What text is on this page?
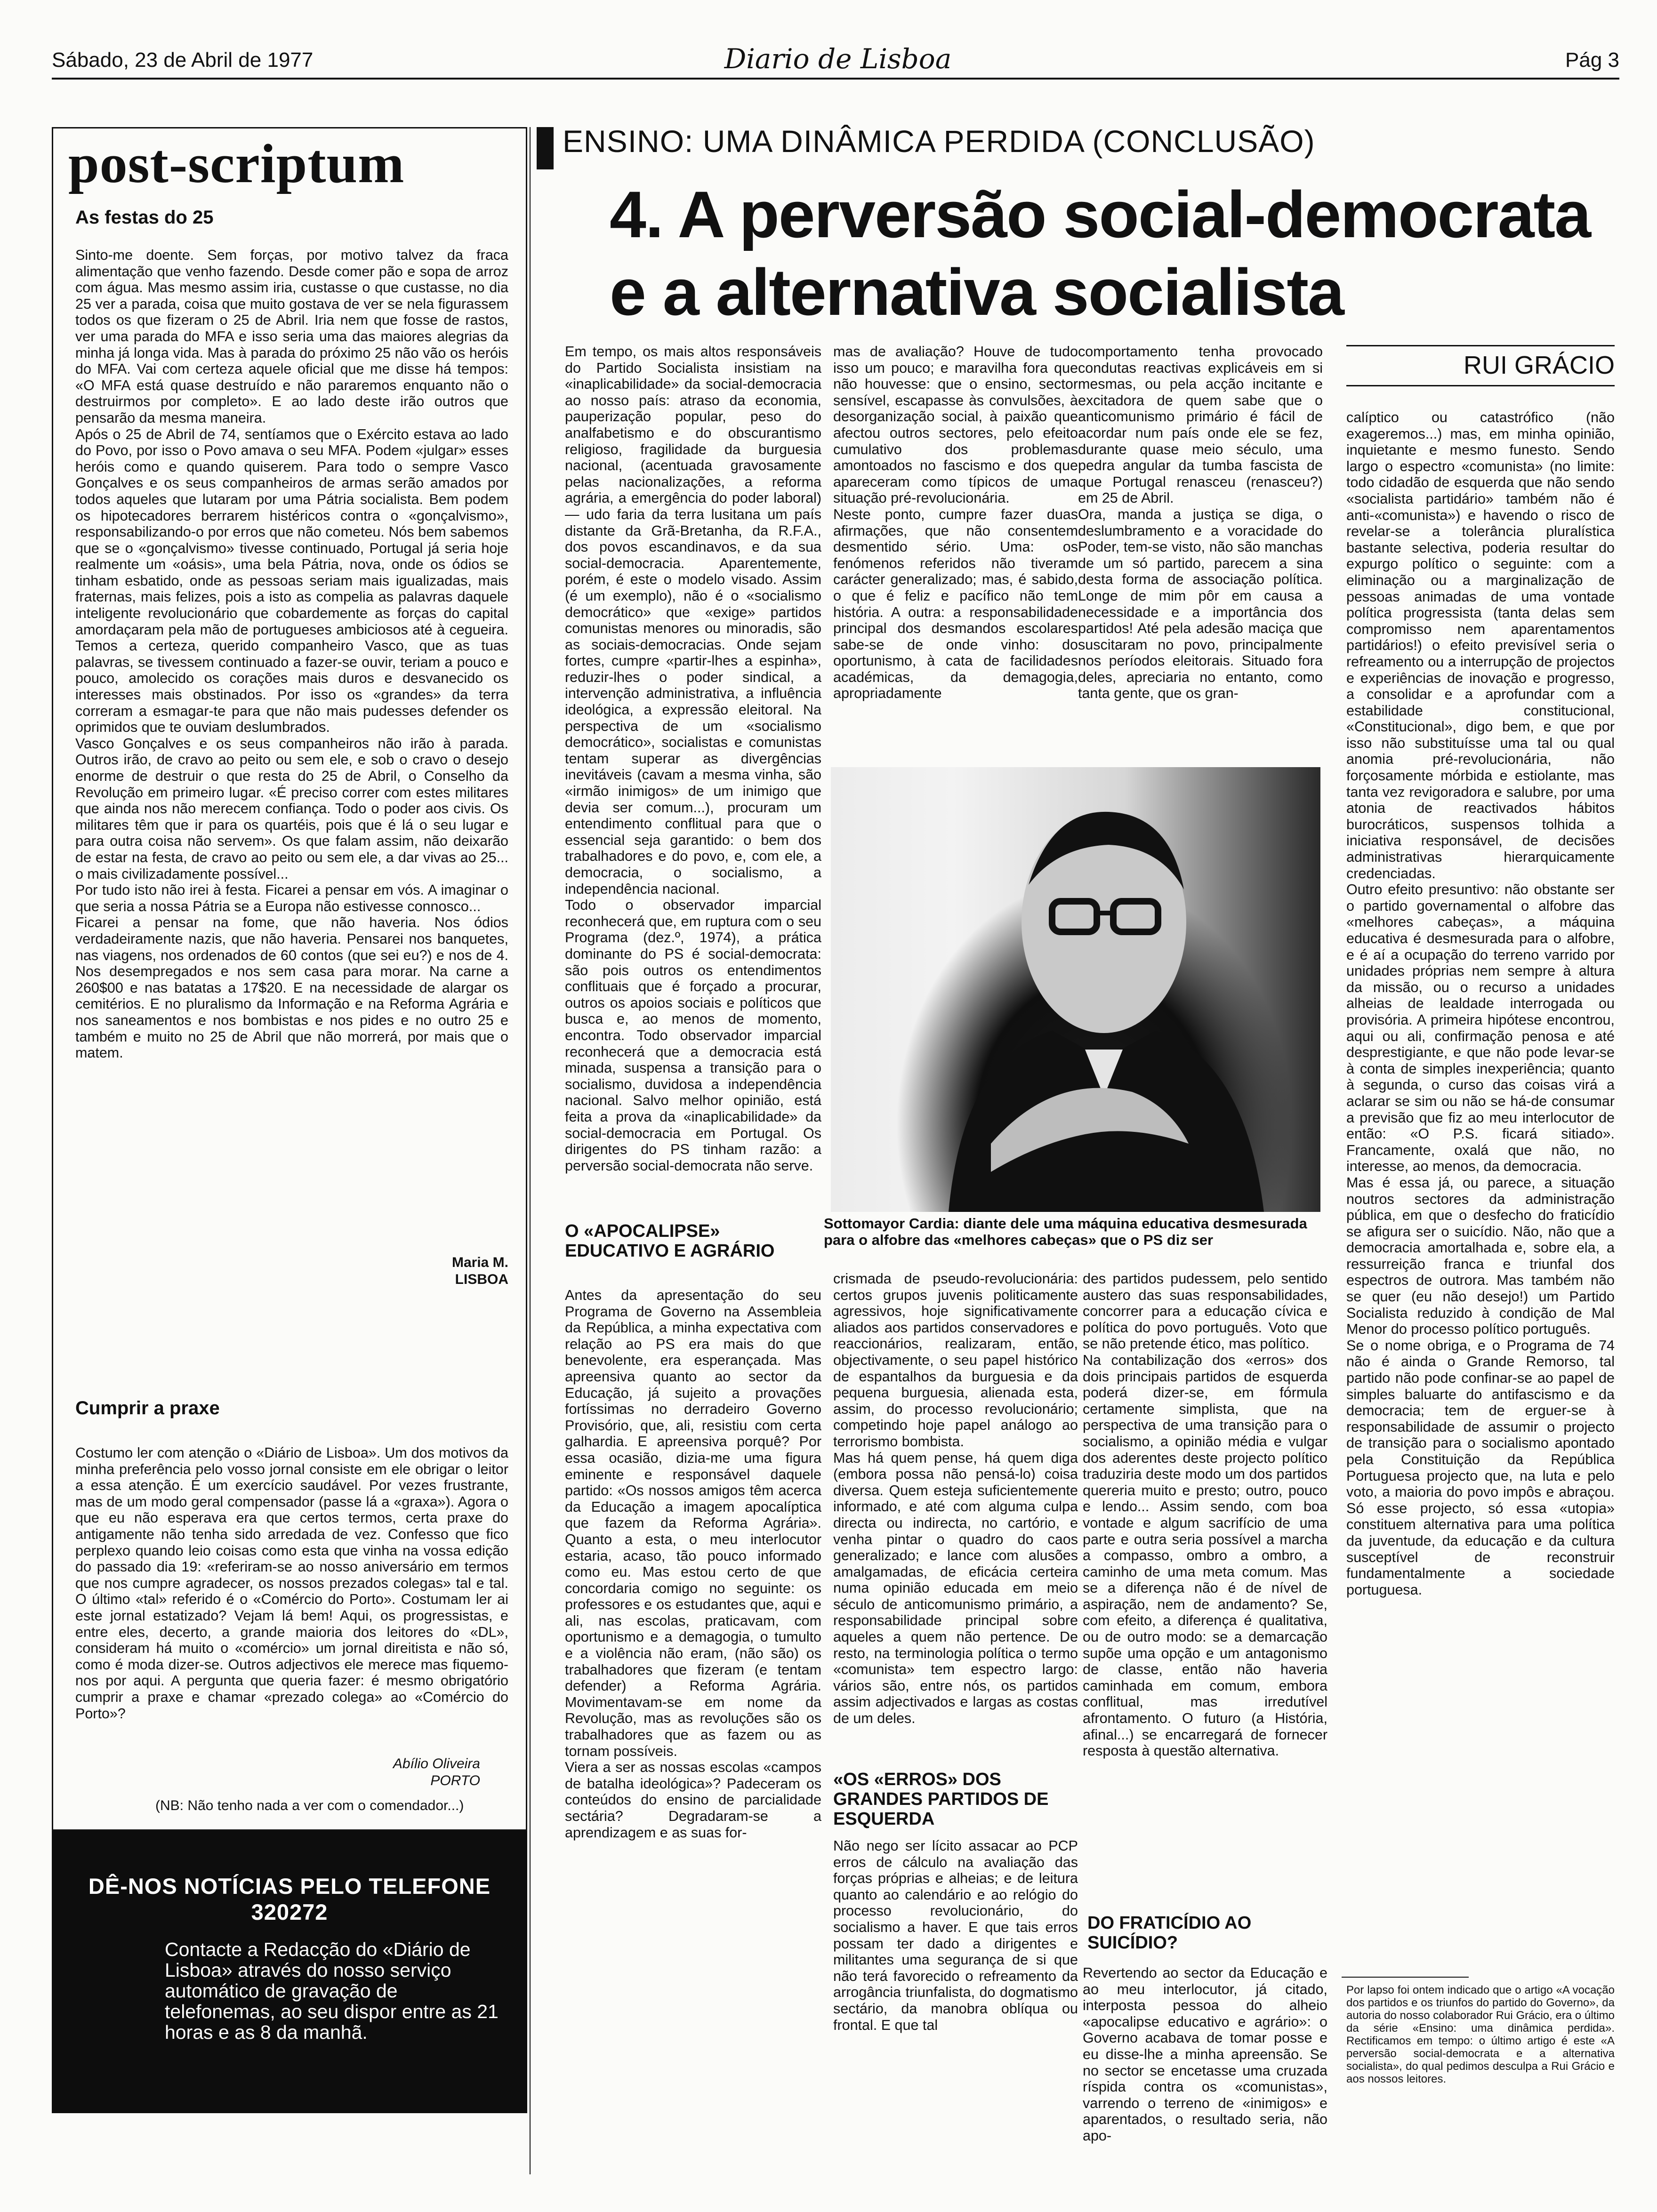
Sábado, 23 de Abril de 1977	Diario de Lisboa	Pág 3
post-scriptum
As festas do 25
Sinto-me doente. Sem forças, por motivo talvez da fraca alimentação que venho fazendo. Desde comer pão e sopa de arroz com água. Mas mesmo assim iria, custasse o que custasse, no dia 25 ver a parada, coisa que muito gostava de ver se nela figurassem todos os que fizeram o 25 de Abril. Iria nem que fosse de rastos, ver uma parada do MFA e isso seria uma das maiores alegrias da minha já longa vida. Mas à parada do próximo 25 não vão os heróis do MFA. Vai com certeza aquele oficial que me disse há tempos: «O MFA está quase destruído e não pararemos enquanto não o destruirmos por completo». E ao lado deste irão outros que pensarão da mesma maneira.
Após o 25 de Abril de 74, sentíamos que o Exército estava ao lado do Povo, por isso o Povo amava o seu MFA. Podem «julgar» esses heróis como e quando quiserem. Para todo o sempre Vasco Gonçalves e os seus companheiros de armas serão amados por todos aqueles que lutaram por uma Pátria socialista. Bem podem os hipotecadores berrarem histéricos contra o «gonçalvismo», responsabilizando-o por erros que não cometeu. Nós bem sabemos que se o «gonçalvismo» tivesse continuado, Portugal já seria hoje realmente um «oásis», uma bela Pátria, nova, onde os ódios se tinham esbatido, onde as pessoas seriam mais igualizadas, mais fraternas, mais felizes, pois a isto as compelia as palavras daquele inteligente revolucionário que cobardemente as forças do capital amordaçaram pela mão de portugueses ambiciosos até à cegueira. Temos a certeza, querido companheiro Vasco, que as tuas palavras, se tivessem continuado a fazer-se ouvir, teriam a pouco e pouco, amolecido os corações mais duros e desvanecido os interesses mais obstinados. Por isso os «grandes» da terra correram a esmagar-te para que não mais pudesses defender os oprimidos que te ouviam deslumbrados.
Vasco Gonçalves e os seus companheiros não irão à parada. Outros irão, de cravo ao peito ou sem ele, e sob o cravo o desejo enorme de destruir o que resta do 25 de Abril, o Conselho da Revolução em primeiro lugar. «É preciso correr com estes militares que ainda nos não merecem confiança. Todo o poder aos civis. Os militares têm que ir para os quartéis, pois que é lá o seu lugar e para outra coisa não servem». Os que falam assim, não deixarão de estar na festa, de cravo ao peito ou sem ele, a dar vivas ao 25... o mais civilizadamente possível...
Por tudo isto não irei à festa. Ficarei a pensar em vós. A imaginar o que seria a nossa Pátria se a Europa não estivesse connosco...
Ficarei a pensar na fome, que não haveria. Nos ódios verdadeiramente nazis, que não haveria. Pensarei nos banquetes, nas viagens, nos ordenados de 60 contos (que sei eu?) e nos de 4. Nos desempregados e nos sem casa para morar. Na carne a 260$00 e nas batatas a 17$20. E na necessidade de alargar os cemitérios. E no pluralismo da Informação e na Reforma Agrária e nos saneamentos e nos bombistas e nos pides e no outro 25 e também e muito no 25 de Abril que não morrerá, por mais que o matem.
Maria M.
LISBOA
Cumprir a praxe
Costumo ler com atenção o «Diário de Lisboa». Um dos motivos da minha preferência pelo vosso jornal consiste em ele obrigar o leitor a essa atenção. É um exercício saudável. Por vezes frustrante, mas de um modo geral compensador (passe lá a «graxa»). Agora o que eu não esperava era que certos termos, certa praxe do antigamente não tenha sido arredada de vez. Confesso que fico perplexo quando leio coisas como esta que vinha na vossa edição do passado dia 19: «referiram-se ao nosso aniversário em termos que nos cumpre agradecer, os nossos prezados colegas» tal e tal. O último «tal» referido é o «Comércio do Porto». Costumam ler ai este jornal estatizado? Vejam lá bem! Aqui, os progressistas, e entre eles, decerto, a grande maioria dos leitores do «DL», consideram há muito o «comércio» um jornal direitista e não só, como é moda dizer-se. Outros adjectivos ele merece mas fiquemo-nos por aqui. A pergunta que queria fazer: é mesmo obrigatório cumprir a praxe e chamar «prezado colega» ao «Comércio do Porto»?
Abílio Oliveira
PORTO
(NB: Não tenho nada a ver com o comendador...)
DÊ-NOS NOTÍCIAS PELO TELEFONE 320272
Contacte a Redacção do «Diário de Lisboa» através do nosso serviço automático de gravação de telefonemas, ao seu dispor entre as 21 horas e as 8 da manhã.
ENSINO: UMA DINÂMICA PERDIDA (CONCLUSÃO)
4. A perversão social-democrata
e a alternativa socialista
RUI GRÁCIO
Em tempo, os mais altos responsáveis do Partido Socialista insistiam na «inaplicabilidade» da social-democracia ao nosso país: atraso da economia, pauperização popular, peso do analfabetismo e do obscurantismo religioso, fragilidade da burguesia nacional, (acentuada gravosamente pelas nacionalizações, a reforma agrária, a emergência do poder laboral) — udo faria da terra lusitana um país distante da Grã-Bretanha, da R.F.A., dos povos escandinavos, e da sua social-democracia. Aparentemente, porém, é este o modelo visado. Assim (é um exemplo), não é o «socialismo democrático» que «exige» partidos comunistas menores ou minoradis, são as sociais-democracias. Onde sejam fortes, cumpre «partir-lhes a espinha», reduzir-lhes o poder sindical, a intervenção administrativa, a influência ideológica, a expressão eleitoral. Na perspectiva de um «socialismo democrático», socialistas e comunistas tentam superar as divergências inevitáveis (cavam a mesma vinha, são «irmão inimigos» de um inimigo que devia ser comum...), procuram um entendimento conflitual para que o essencial seja garantido: o bem dos trabalhadores e do povo, e, com ele, a democracia, o socialismo, a independência nacional.
Todo o observador imparcial reconhecerá que, em ruptura com o seu Programa (dez.º, 1974), a prática dominante do PS é social-democrata: são pois outros os entendimentos conflituais que é forçado a procurar, outros os apoios sociais e políticos que busca e, ao menos de momento, encontra. Todo observador imparcial reconhecerá que a democracia está minada, suspensa a transição para o socialismo, duvidosa a independência nacional. Salvo melhor opinião, está feita a prova da «inaplicabilidade» da social-democracia em Portugal. Os dirigentes do PS tinham razão: a perversão social-democrata não serve.
O «APOCALIPSE» EDUCATIVO E AGRÁRIO
Antes da apresentação do seu Programa de Governo na Assembleia da República, a minha expectativa com relação ao PS era mais do que benevolente, era esperançada. Mas apreensiva quanto ao sector da Educação, já sujeito a provações fortíssimas no derradeiro Governo Provisório, que, ali, resistiu com certa galhardia. E apreensiva porquê? Por essa ocasião, dizia-me uma figura eminente e responsável daquele partido: «Os nossos amigos têm acerca da Educação a imagem apocalíptica que fazem da Reforma Agrária». Quanto a esta, o meu interlocutor estaria, acaso, tão pouco informado como eu. Mas estou certo de que concordaria comigo no seguinte: os professores e os estudantes que, aqui e ali, nas escolas, praticavam, com oportunismo e a demagogia, o tumulto e a violência não eram, (não são) os trabalhadores que fizeram (e tentam defender) a Reforma Agrária. Movimentavam-se em nome da Revolução, mas as revoluções são os trabalhadores que as fazem ou as tornam possíveis.
Viera a ser as nossas escolas «campos de batalha ideológica»? Padeceram os conteúdos do ensino de parcialidade sectária? Degradaram-se a aprendizagem e as suas for-
mas de avaliação? Houve de tudo isso um pouco; e maravilha fora que não houvesse: que o ensino, sector sensível, escapasse às convulsões, à desorganização social, à paixão que afectou outros sectores, pelo efeito cumulativo dos problemas amontoados no fascismo e dos que apareceram como típicos de uma situação pré-revolucionária.
Neste ponto, cumpre fazer duas afirmações, que não consentem desmentido sério. Uma: os fenómenos referidos não tiveram carácter generalizado; mas, é sabido, o que é feliz e pacífico não tem história. A outra: a responsabilidade principal dos desmandos escolares sabe-se de onde vinho: do oportunismo, à cata de facilidades académicas, da demagogia, apropriadamente
crismada de pseudo-revolucionária: certos grupos juvenis politicamente agressivos, hoje significativamente aliados aos partidos conservadores e reaccionários, realizaram, então, objectivamente, o seu papel histórico de espantalhos da burguesia e da pequena burguesia, alienada esta, assim, do processo revolucionário; competindo hoje papel análogo ao terrorismo bombista.
Mas há quem pense, há quem diga (embora possa não pensá-lo) coisa diversa. Quem esteja suficientemente informado, e até com alguma culpa directa ou indirecta, no cartório, e venha pintar o quadro do caos generalizado; e lance com alusões amalgamadas, de eficácia certeira numa opinião educada em meio século de anticomunismo primário, a responsabilidade principal sobre aqueles a quem não pertence. De resto, na terminologia política o termo «comunista» tem espectro largo: vários são, entre nós, os partidos assim adjectivados e largas as costas de um deles.
«OS «ERROS» DOS GRANDES PARTIDOS DE ESQUERDA
Não nego ser lícito assacar ao PCP erros de cálculo na avaliação das forças próprias e alheias; e de leitura quanto ao calendário e ao relógio do processo revolucionário, do socialismo a haver. E que tais erros possam ter dado a dirigentes e militantes uma segurança de si que não terá favorecido o refreamento da arrogância triunfalista, do dogmatismo sectário, da manobra oblíqua ou frontal. E que tal
comportamento tenha provocado condutas reactivas explicáveis em si mesmas, ou pela acção incitante e excitadora de quem sabe que o anticomunismo primário é fácil de acordar num país onde ele se fez, durante quase meio século, uma pedra angular da tumba fascista de que Portugal renasceu (renasceu?) em 25 de Abril.
Ora, manda a justiça se diga, o deslumbramento e a voracidade do Poder, tem-se visto, não são manchas de um só partido, parecem a sina desta forma de associação política. Longe de mim pôr em causa a necessidade e a importância dos partidos! Até pela adesão maciça que suscitaram no povo, principalmente nos períodos eleitorais. Situado fora deles, apreciaria no entanto, como tanta gente, que os gran-
des partidos pudessem, pelo sentido austero das suas responsabilidades, concorrer para a educação cívica e política do povo português. Voto que se não pretende ético, mas político.
Na contabilização dos «erros» dos dois principais partidos de esquerda poderá dizer-se, em fórmula certamente simplista, que na perspectiva de uma transição para o socialismo, a opinião média e vulgar dos aderentes deste projecto político traduziria deste modo um dos partidos quereria muito e presto; outro, pouco e lendo... Assim sendo, com boa vontade e algum sacrifício de uma parte e outra seria possível a marcha a compasso, ombro a ombro, a caminho de uma meta comum. Mas se a diferença não é de nível de aspiração, nem de andamento? Se, com efeito, a diferença é qualitativa, ou de outro modo: se a demarcação supõe uma opção e um antagonismo de classe, então não haveria caminhada em comum, embora conflitual, mas irredutível afrontamento. O futuro (a História, afinal...) se encarregará de fornecer resposta à questão alternativa.
DO FRATICÍDIO AO SUICÍDIO?
Revertendo ao sector da Educação e ao meu interlocutor, já citado, interposta pessoa do alheio «apocalipse educativo e agrário»: o Governo acabava de tomar posse e eu disse-lhe a minha apreensão. Se no sector se encetasse uma cruzada ríspida contra os «comunistas», varrendo o terreno de «inimigos» e aparentados, o resultado seria, não apo-
calíptico ou catastrófico (não exageremos...) mas, em minha opinião, inquietante e mesmo funesto. Sendo largo o espectro «comunista» (no limite: todo cidadão de esquerda que não sendo «socialista partidário» também não é anti-«comunista») e havendo o risco de revelar-se a tolerância pluralística bastante selectiva, poderia resultar do expurgo político o seguinte: com a eliminação ou a marginalização de pessoas animadas de uma vontade política progressista (tanta delas sem compromisso nem aparentamentos partidários!) o efeito previsível seria o refreamento ou a interrupção de projectos e experiências de inovação e progresso, a consolidar e a aprofundar com a estabilidade constitucional, «Constitucional», digo bem, e que por isso não substituísse uma tal ou qual anomia pré-revolucionária, não forçosamente mórbida e estiolante, mas tanta vez revigoradora e salubre, por uma atonia de reactivados hábitos burocráticos, suspensos tolhida a iniciativa responsável, de decisões administrativas hierarquicamente credenciadas.
Outro efeito presuntivo: não obstante ser o partido governamental o alfobre das «melhores cabeças», a máquina educativa é desmesurada para o alfobre, e é aí a ocupação do terreno varrido por unidades próprias nem sempre à altura da missão, ou o recurso a unidades alheias de lealdade interrogada ou provisória. A primeira hipótese encontrou, aqui ou ali, confirmação penosa e até desprestigiante, e que não pode levar-se à conta de simples inexperiência; quanto à segunda, o curso das coisas virá a aclarar se sim ou não se há-de consumar a previsão que fiz ao meu interlocutor de então: «O P.S. ficará sitiado». Francamente, oxalá que não, no interesse, ao menos, da democracia.
Mas é essa já, ou parece, a situação noutros sectores da administração pública, em que o desfecho do fraticídio se afigura ser o suicídio. Não, não que a democracia amortalhada e, sobre ela, a ressurreição franca e triunfal dos espectros de outrora. Mas também não se quer (eu não desejo!) um Partido Socialista reduzido à condição de Mal Menor do processo político português.
Se o nome obriga, e o Programa de 74 não é ainda o Grande Remorso, tal partido não pode confinar-se ao papel de simples baluarte do antifascismo e da democracia; tem de erguer-se à responsabilidade de assumir o projecto de transição para o socialismo apontado pela Constituição da República Portuguesa projecto que, na luta e pelo voto, a maioria do povo impôs e abraçou. Só esse projecto, só essa «utopia» constituem alternativa para uma política da juventude, da educação e da cultura susceptível de reconstruir fundamentalmente a sociedade portuguesa.
Por lapso foi ontem indicado que o artigo «A vocação dos partidos e os triunfos do partido do Governo», da autoria do nosso colaborador Rui Grácio, era o último da série «Ensino: uma dinâmica perdida». Rectificamos em tempo: o último artigo é este «A perversão social-democrata e a alternativa socialista», do qual pedimos desculpa a Rui Grácio e aos nossos leitores.
Sottomayor Cardia: diante dele uma máquina educativa desmesurada para o alfobre das «melhores cabeças» que o PS diz ser
